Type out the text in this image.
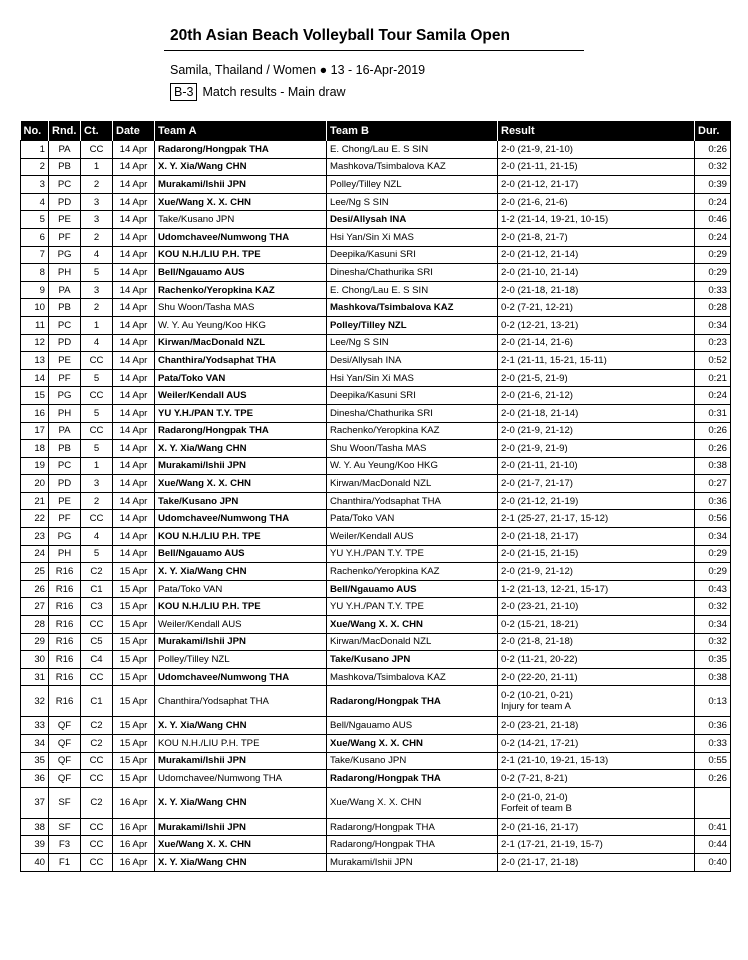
20th Asian Beach Volleyball Tour Samila Open
Samila, Thailand / Women ● 13 - 16-Apr-2019
B-3 Match results - Main draw
No.	Rnd.	Ct.	Date	Team A	Team B	Result	Dur.
1	PA	CC	14 Apr	Radarong/Hongpak THA	E. Chong/Lau E. S SIN	2-0 (21-9, 21-10)	0:26
2	PB	1	14 Apr	X. Y. Xia/Wang CHN	Mashkova/Tsimbalova KAZ	2-0 (21-11, 21-15)	0:32
3	PC	2	14 Apr	Murakami/Ishii JPN	Polley/Tilley NZL	2-0 (21-12, 21-17)	0:39
4	PD	3	14 Apr	Xue/Wang X. X. CHN	Lee/Ng S SIN	2-0 (21-6, 21-6)	0:24
5	PE	3	14 Apr	Take/Kusano JPN	Desi/Allysah INA	1-2 (21-14, 19-21, 10-15)	0:46
6	PF	2	14 Apr	Udomchavee/Numwong THA	Hsi Yan/Sin Xi MAS	2-0 (21-8, 21-7)	0:24
7	PG	4	14 Apr	KOU N.H./LIU P.H. TPE	Deepika/Kasuni SRI	2-0 (21-12, 21-14)	0:29
8	PH	5	14 Apr	Bell/Ngauamo AUS	Dinesha/Chathurika SRI	2-0 (21-10, 21-14)	0:29
9	PA	3	14 Apr	Rachenko/Yeropkina KAZ	E. Chong/Lau E. S SIN	2-0 (21-18, 21-18)	0:33
10	PB	2	14 Apr	Shu Woon/Tasha MAS	Mashkova/Tsimbalova KAZ	0-2 (7-21, 12-21)	0:28
11	PC	1	14 Apr	W. Y. Au Yeung/Koo HKG	Polley/Tilley NZL	0-2 (12-21, 13-21)	0:34
12	PD	4	14 Apr	Kirwan/MacDonald NZL	Lee/Ng S SIN	2-0 (21-14, 21-6)	0:23
13	PE	CC	14 Apr	Chanthira/Yodsaphat THA	Desi/Allysah INA	2-1 (21-11, 15-21, 15-11)	0:52
14	PF	5	14 Apr	Pata/Toko VAN	Hsi Yan/Sin Xi MAS	2-0 (21-5, 21-9)	0:21
15	PG	CC	14 Apr	Weiler/Kendall AUS	Deepika/Kasuni SRI	2-0 (21-6, 21-12)	0:24
16	PH	5	14 Apr	YU Y.H./PAN T.Y. TPE	Dinesha/Chathurika SRI	2-0 (21-18, 21-14)	0:31
17	PA	CC	14 Apr	Radarong/Hongpak THA	Rachenko/Yeropkina KAZ	2-0 (21-9, 21-12)	0:26
18	PB	5	14 Apr	X. Y. Xia/Wang CHN	Shu Woon/Tasha MAS	2-0 (21-9, 21-9)	0:26
19	PC	1	14 Apr	Murakami/Ishii JPN	W. Y. Au Yeung/Koo HKG	2-0 (21-11, 21-10)	0:38
20	PD	3	14 Apr	Xue/Wang X. X. CHN	Kirwan/MacDonald NZL	2-0 (21-7, 21-17)	0:27
21	PE	2	14 Apr	Take/Kusano JPN	Chanthira/Yodsaphat THA	2-0 (21-12, 21-19)	0:36
22	PF	CC	14 Apr	Udomchavee/Numwong THA	Pata/Toko VAN	2-1 (25-27, 21-17, 15-12)	0:56
23	PG	4	14 Apr	KOU N.H./LIU P.H. TPE	Weiler/Kendall AUS	2-0 (21-18, 21-17)	0:34
24	PH	5	14 Apr	Bell/Ngauamo AUS	YU Y.H./PAN T.Y. TPE	2-0 (21-15, 21-15)	0:29
25	R16	C2	15 Apr	X. Y. Xia/Wang CHN	Rachenko/Yeropkina KAZ	2-0 (21-9, 21-12)	0:29
26	R16	C1	15 Apr	Pata/Toko VAN	Bell/Ngauamo AUS	1-2 (21-13, 12-21, 15-17)	0:43
27	R16	C3	15 Apr	KOU N.H./LIU P.H. TPE	YU Y.H./PAN T.Y. TPE	2-0 (23-21, 21-10)	0:32
28	R16	CC	15 Apr	Weiler/Kendall AUS	Xue/Wang X. X. CHN	0-2 (15-21, 18-21)	0:34
29	R16	C5	15 Apr	Murakami/Ishii JPN	Kirwan/MacDonald NZL	2-0 (21-8, 21-18)	0:32
30	R16	C4	15 Apr	Polley/Tilley NZL	Take/Kusano JPN	0-2 (11-21, 20-22)	0:35
31	R16	CC	15 Apr	Udomchavee/Numwong THA	Mashkova/Tsimbalova KAZ	2-0 (22-20, 21-11)	0:38
32	R16	C1	15 Apr	Chanthira/Yodsaphat THA	Radarong/Hongpak THA	0-2 (10-21, 0-21)
Injury for team A	0:13
33	QF	C2	15 Apr	X. Y. Xia/Wang CHN	Bell/Ngauamo AUS	2-0 (23-21, 21-18)	0:36
34	QF	C2	15 Apr	KOU N.H./LIU P.H. TPE	Xue/Wang X. X. CHN	0-2 (14-21, 17-21)	0:33
35	QF	CC	15 Apr	Murakami/Ishii JPN	Take/Kusano JPN	2-1 (21-10, 19-21, 15-13)	0:55
36	QF	CC	15 Apr	Udomchavee/Numwong THA	Radarong/Hongpak THA	0-2 (7-21, 8-21)	0:26
37	SF	C2	16 Apr	X. Y. Xia/Wang CHN	Xue/Wang X. X. CHN	2-0 (21-0, 21-0)
Forfeit of team B	

38	SF	CC	16 Apr	Murakami/Ishii JPN	Radarong/Hongpak THA	2-0 (21-16, 21-17)	0:41
39	F3	CC	16 Apr	Xue/Wang X. X. CHN	Radarong/Hongpak THA	2-1 (17-21, 21-19, 15-7)	0:44
40	F1	CC	16 Apr	X. Y. Xia/Wang CHN	Murakami/Ishii JPN	2-0 (21-17, 21-18)	0:40
